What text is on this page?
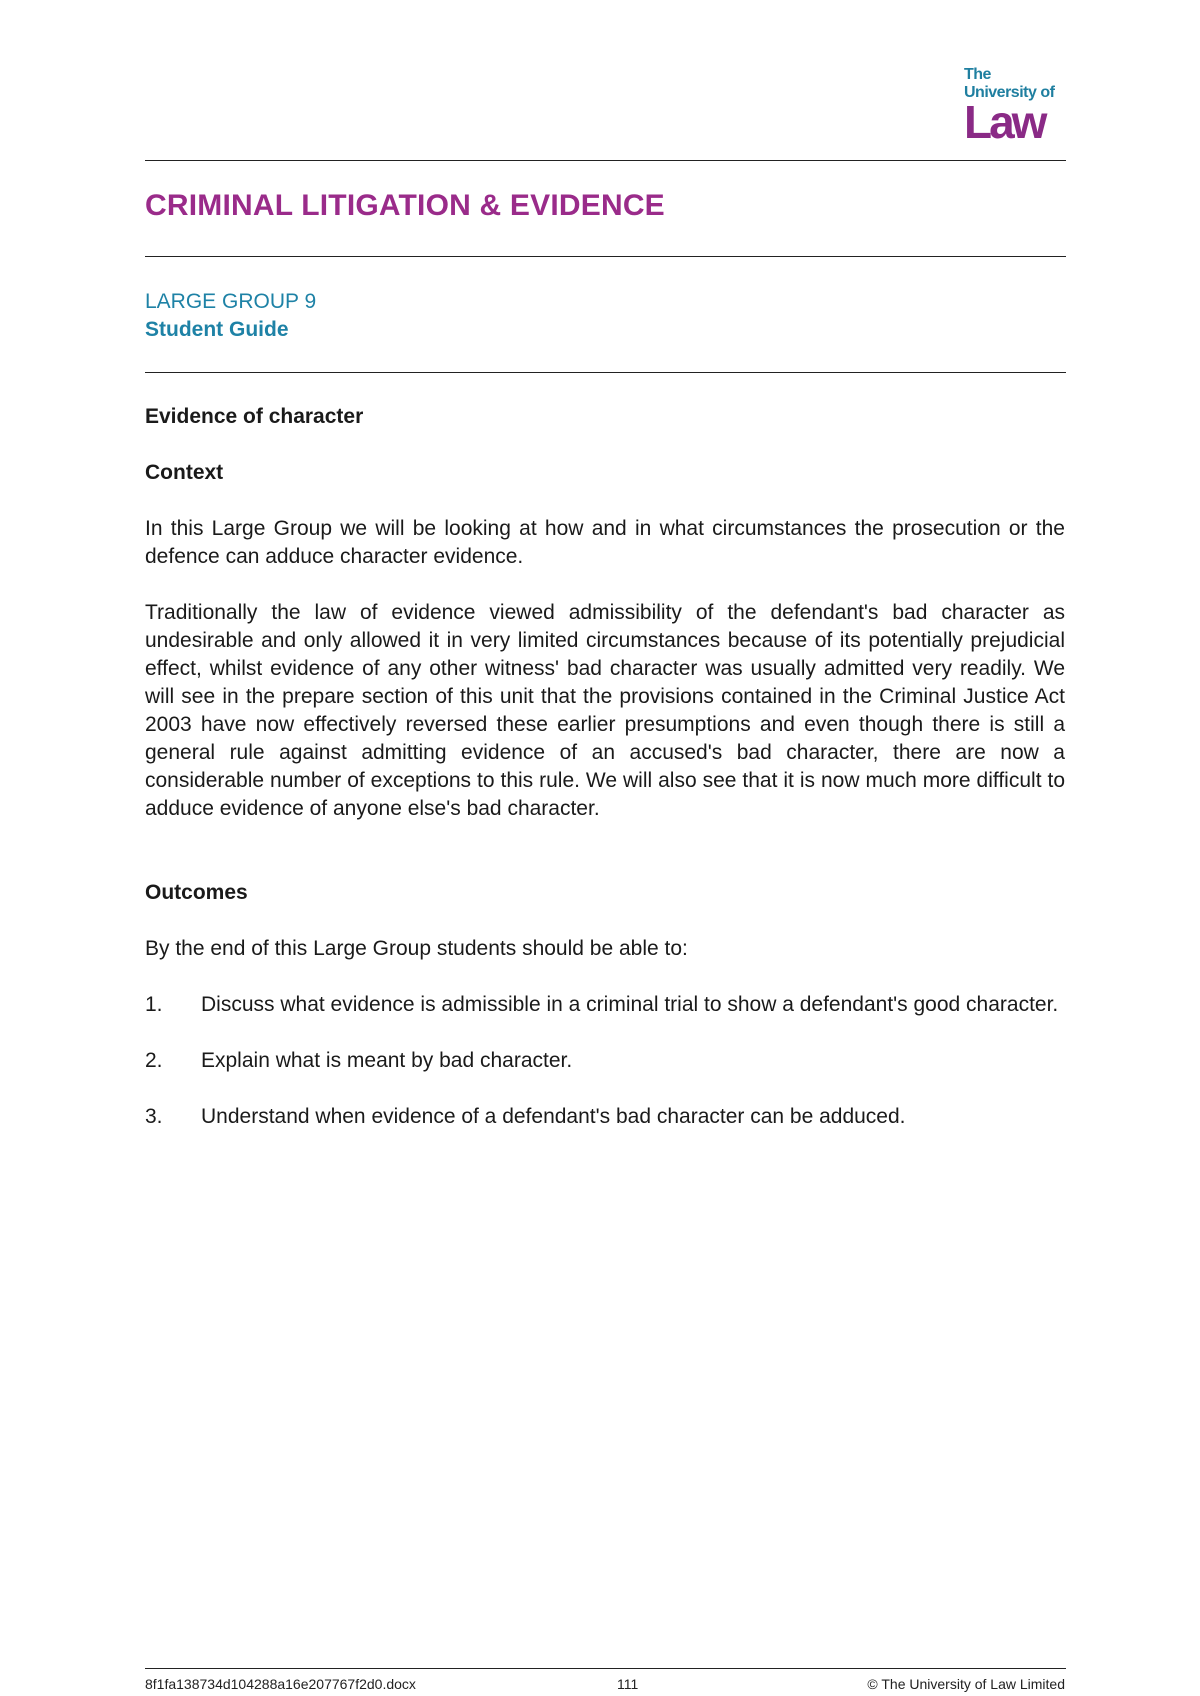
The
University of
Law
CRIMINAL LITIGATION & EVIDENCE
LARGE GROUP 9
Student Guide
Evidence of character
Context

In this Large Group we will be looking at how and in what circumstances the prosecution or the defence can adduce character evidence.

Traditionally the law of evidence viewed admissibility of the defendant's bad character as undesirable and only allowed it in very limited circumstances because of its potentially prejudicial effect, whilst evidence of any other witness' bad character was usually admitted very readily. We will see in the prepare section of this unit that the provisions contained in the Criminal Justice Act 2003 have now effectively reversed these earlier presumptions and even though there is still a general rule against admitting evidence of an accused's bad character, there are now a considerable number of exceptions to this rule. We will also see that it is now much more difficult to adduce evidence of anyone else's bad character.

Outcomes

By the end of this Large Group students should be able to:

1.	Discuss what evidence is admissible in a criminal trial to show a defendant's good character.
2.	Explain what is meant by bad character.
3.	Understand when evidence of a defendant's bad character can be adduced.
8f1fa138734d104288a16e207767f2d0.docx	111	© The University of Law Limited
